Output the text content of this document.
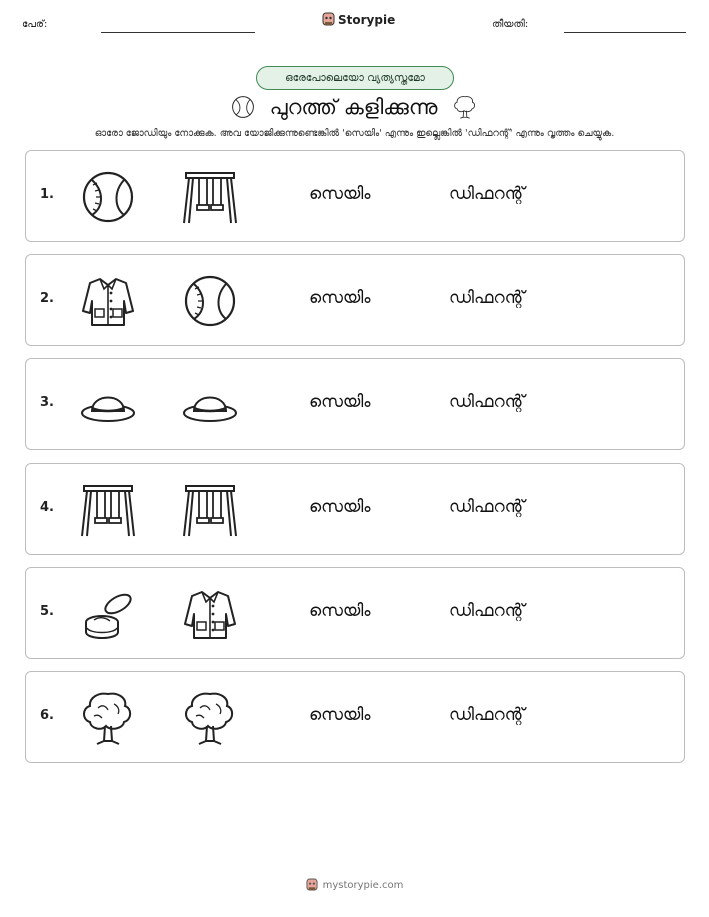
പേര്:	Storypie	തീയതി:
ഒരേപോലെയോ വ്യത്യസ്തമോ
പുറത്ത് കളിക്കുന്നു
ഓരോ ജോഡിയും നോക്കുക. അവ യോജിക്കുന്നുണ്ടെങ്കിൽ 'സെയിം' എന്നും ഇല്ലെങ്കിൽ 'ഡിഫറന്റ്' എന്നും വൃത്തം ചെയ്യുക.
1.	സെയിം	ഡിഫറന്റ്
2.	സെയിം	ഡിഫറന്റ്
3.	സെയിം	ഡിഫറന്റ്
4.	സെയിം	ഡിഫറന്റ്
5.	സെയിം	ഡിഫറന്റ്
6.	സെയിം	ഡിഫറന്റ്
mystorypie.com
